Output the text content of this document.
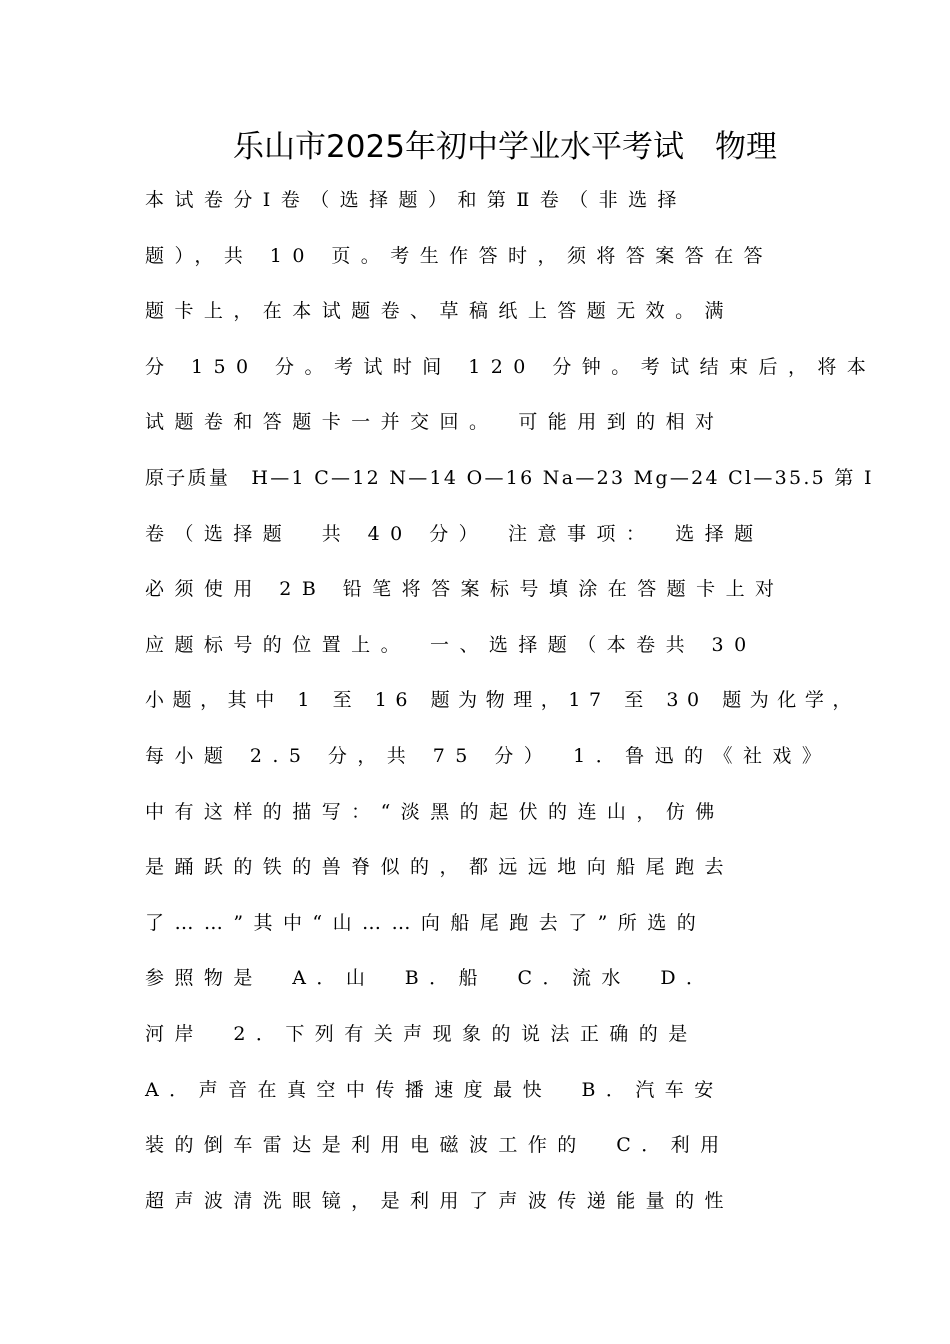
乐山市2025年初中学业水平考试　物理
本试卷分Ⅰ卷（选择题）和第Ⅱ卷（非选择
题），共 10 页。考生作答时，须将答案答在答
题卡上，在本试题卷、草稿纸上答题无效。满
分 150 分。考试时间 120 分钟。考试结束后，将本
试题卷和答题卡一并交回。　可能用到的相对
原子质量　H—1 C—12 N—14 O—16 Na—23 Mg—24 Cl—35.5 第 Ⅰ
卷（选择题　共 40 分）　注意事项：　选择题
必须使用 2B 铅笔将答案标号填涂在答题卡上对
应题标号的位置上。　一、选择题（本卷共 30
小题，其中 1 至 16 题为物理，17 至 30 题为化学，
每小题 2.5 分，共 75 分）　1．鲁迅的《社戏》
中有这样的描写：“淡黑的起伏的连山，仿佛
是踊跃的铁的兽脊似的，都远远地向船尾跑去
了……”其中“山……向船尾跑去了”所选的
参照物是　A．山　B．船　C．流水　D．
河岸　2．下列有关声现象的说法正确的是
A．声音在真空中传播速度最快　B．汽车安
装的倒车雷达是利用电磁波工作的　C．利用
超声波清洗眼镜，是利用了声波传递能量的性
